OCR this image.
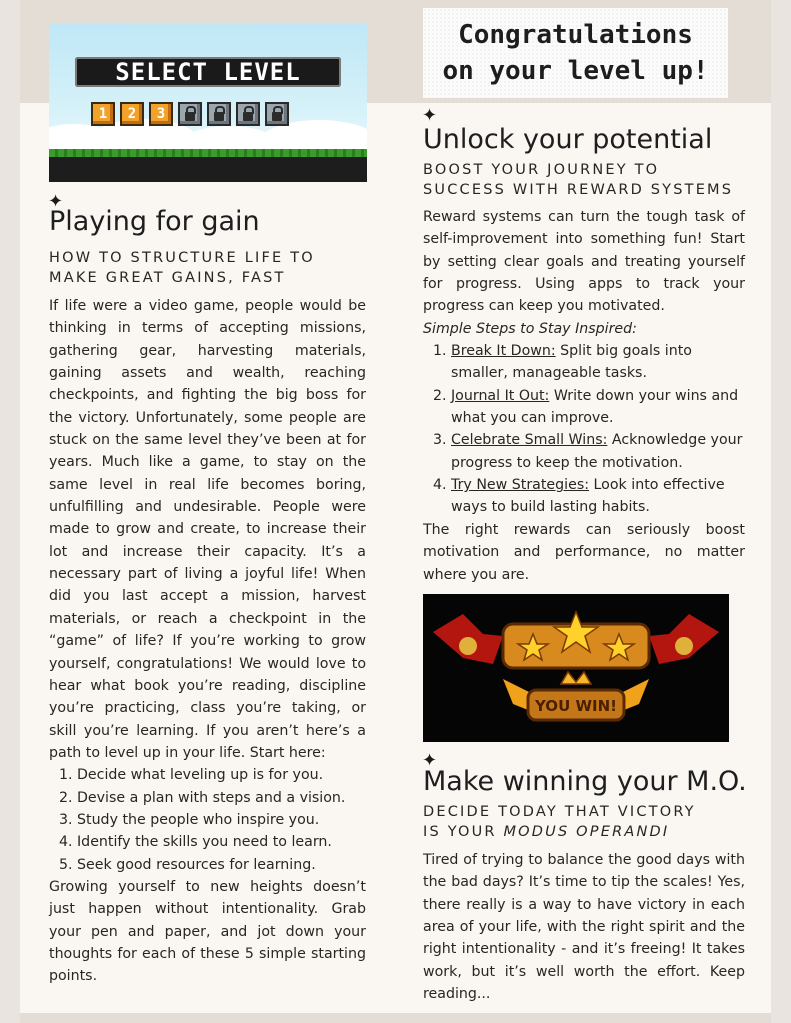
SELECT LEVEL
1	2	3
Congratulations
on your level up!
✦
Playing for gain
HOW TO STRUCTURE LIFE TO
MAKE GREAT GAINS, FAST

If life were a video game, people would be thinking in terms of accepting missions, gathering gear, harvesting materials, gaining assets and wealth, reaching checkpoints, and fighting the big boss for the victory. Unfortunately, some people are stuck on the same level they’ve been at for years. Much like a game, to stay on the same level in real life becomes boring, unfulfilling and undesirable. People were made to grow and create, to increase their lot and increase their capacity. It’s a necessary part of living a joyful life! When did you last accept a mission, harvest materials, or reach a checkpoint in the “game” of life? If you’re working to grow yourself, congratulations! We would love to hear what book you’re reading, discipline you’re practicing, class you’re taking, or skill you’re learning. If you aren’t here’s a path to level up in your life. Start here:

1. Decide what leveling up is for you.
2. Devise a plan with steps and a vision.
3. Study the people who inspire you.
4. Identify the skills you need to learn.
5. Seek good resources for learning.

Growing yourself to new heights doesn’t just happen without intentionality. Grab your pen and paper, and jot down your thoughts for each of these 5 simple starting points.

✦
Unlock your potential
BOOST YOUR JOURNEY TO
SUCCESS WITH REWARD SYSTEMS

Reward systems can turn the tough task of self-improvement into something fun! Start by setting clear goals and treating yourself for progress. Using apps to track your progress can keep you motivated.

Simple Steps to Stay Inspired:

1. Break It Down: Split big goals into smaller, manageable tasks.
2. Journal It Out: Write down your wins and what you can improve.
3. Celebrate Small Wins: Acknowledge your progress to keep the motivation.
4. Try New Strategies: Look into effective ways to build lasting habits.

The right rewards can seriously boost motivation and performance, no matter where you are.

YOU WIN!
✦
Make winning your M.O.
DECIDE TODAY THAT VICTORY
IS YOUR MODUS OPERANDI

Tired of trying to balance the good days with the bad days? It’s time to tip the scales! Yes, there really is a way to have victory in each area of your life, with the right spirit and the right intentionality - and it’s freeing! It takes work, but it’s well worth the effort. Keep reading...
